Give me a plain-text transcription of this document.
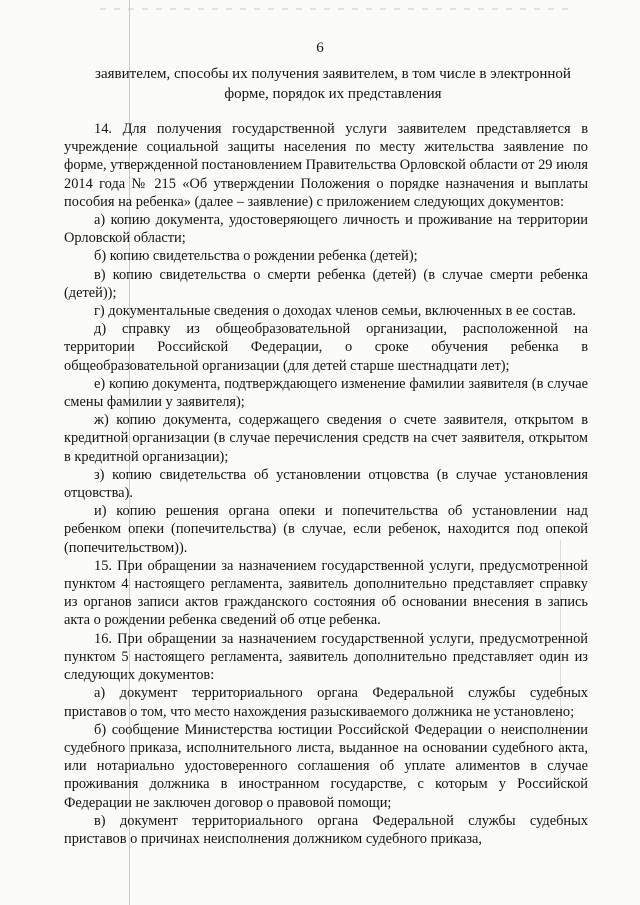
6
заявителем, способы их получения заявителем, в том числе в электронной форме, порядок их представления

14. Для получения государственной услуги заявителем представляется в учреждение социальной защиты населения по месту жительства заявление по форме, утвержденной постановлением Правительства Орловской области от 29 июля 2014 года № 215 «Об утверждении Положения о порядке назначения и выплаты пособия на ребенка» (далее – заявление) с приложением следующих документов:

а) копию документа, удостоверяющего личность и проживание на территории Орловской области;

б) копию свидетельства о рождении ребенка (детей);

в) копию свидетельства о смерти ребенка (детей) (в случае смерти ребенка (детей));

г) документальные сведения о доходах членов семьи, включенных в ее состав.

д) справку из общеобразовательной организации, расположенной на территории Российской Федерации, о сроке обучения ребенка в общеобразовательной организации (для детей старше шестнадцати лет);

е) копию документа, подтверждающего изменение фамилии заявителя (в случае смены фамилии у заявителя);

ж) копию документа, содержащего сведения о счете заявителя, открытом в кредитной организации (в случае перечисления средств на счет заявителя, открытом в кредитной организации);

з) копию свидетельства об установлении отцовства (в случае установления отцовства).

и) копию решения органа опеки и попечительства об установлении над ребенком опеки (попечительства) (в случае, если ребенок, находится под опекой (попечительством)).

15. При обращении за назначением государственной услуги, предусмотренной пунктом 4 настоящего регламента, заявитель дополнительно представляет справку из органов записи актов гражданского состояния об основании внесения в запись акта о рождении ребенка сведений об отце ребенка.

16. При обращении за назначением государственной услуги, предусмотренной пунктом 5 настоящего регламента, заявитель дополнительно представляет один из следующих документов:

а) документ территориального органа Федеральной службы судебных приставов о том, что место нахождения разыскиваемого должника не установлено;

б) сообщение Министерства юстиции Российской Федерации о неисполнении судебного приказа, исполнительного листа, выданное на основании судебного акта, или нотариально удостоверенного соглашения об уплате алиментов в случае проживания должника в иностранном государстве, с которым у Российской Федерации не заключен договор о правовой помощи;

в) документ территориального органа Федеральной службы судебных приставов о причинах неисполнения должником судебного приказа,
